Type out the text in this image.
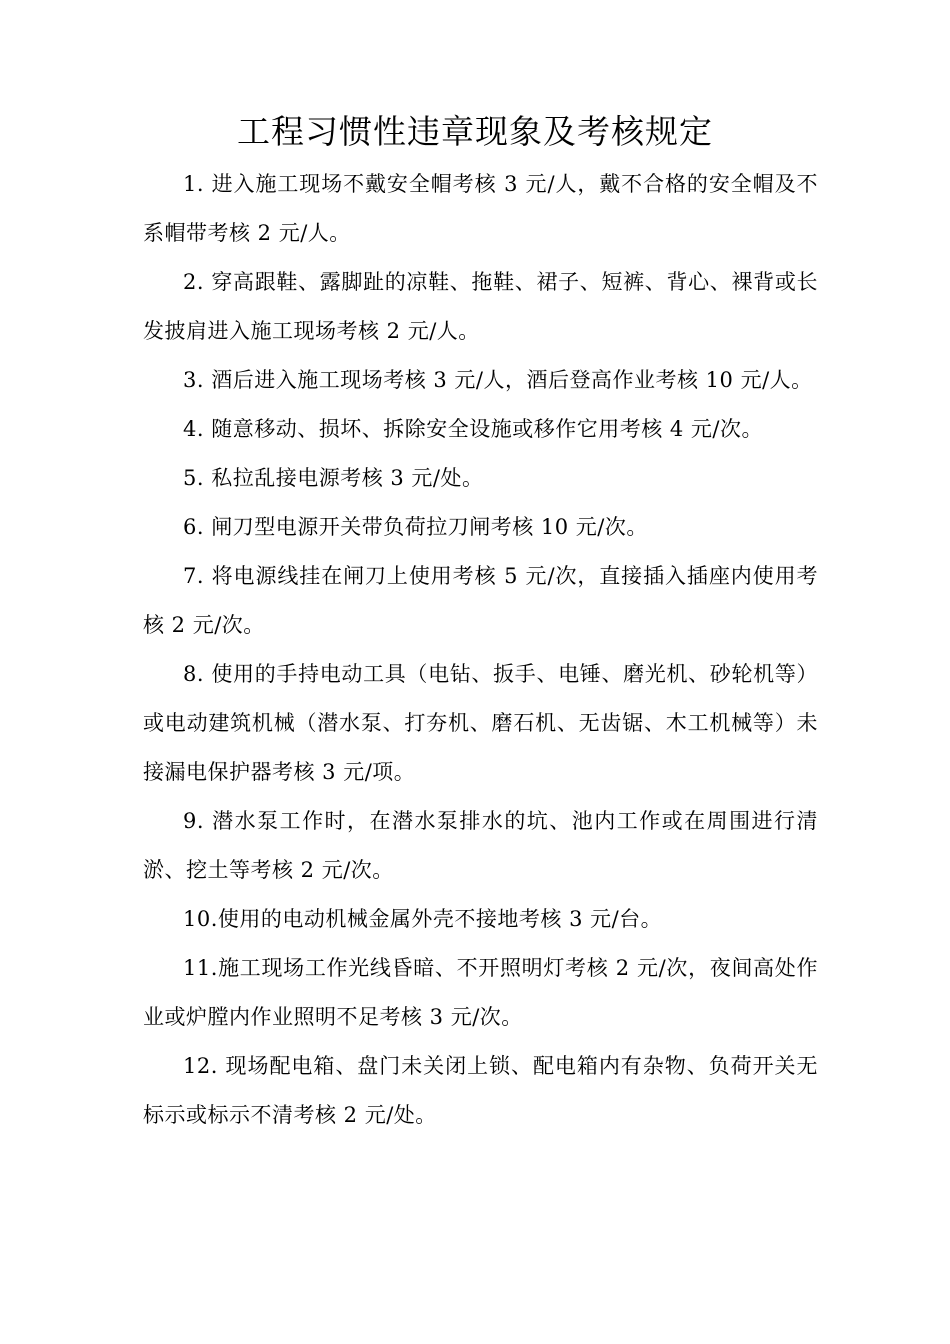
工程习惯性违章现象及考核规定

1. 进入施工现场不戴安全帽考核 3 元/人，戴不合格的安全帽及不系帽带考核 2 元/人。

2. 穿高跟鞋、露脚趾的凉鞋、拖鞋、裙子、短裤、背心、裸背或长发披肩进入施工现场考核 2 元/人。

3. 酒后进入施工现场考核 3 元/人，酒后登高作业考核 10 元/人。

4. 随意移动、损坏、拆除安全设施或移作它用考核 4 元/次。

5. 私拉乱接电源考核 3 元/处。

6. 闸刀型电源开关带负荷拉刀闸考核 10 元/次。

7. 将电源线挂在闸刀上使用考核 5 元/次，直接插入插座内使用考核 2 元/次。

8. 使用的手持电动工具（电钻、扳手、电锤、磨光机、砂轮机等）或电动建筑机械（潜水泵、打夯机、磨石机、无齿锯、木工机械等）未接漏电保护器考核 3 元/项。

9. 潜水泵工作时，在潜水泵排水的坑、池内工作或在周围进行清淤、挖土等考核 2 元/次。

10.使用的电动机械金属外壳不接地考核 3 元/台。

11.施工现场工作光线昏暗、不开照明灯考核 2 元/次，夜间高处作业或炉膛内作业照明不足考核 3 元/次。

12. 现场配电箱、盘门未关闭上锁、配电箱内有杂物、负荷开关无标示或标示不清考核 2 元/处。
